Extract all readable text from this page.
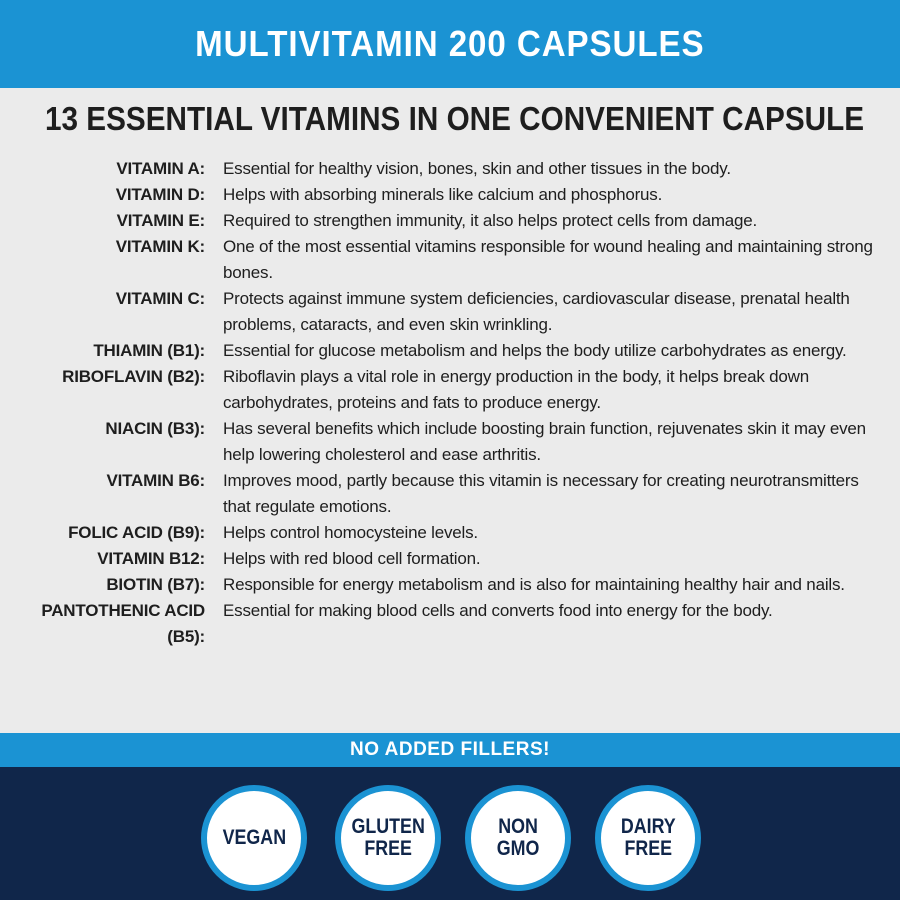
MULTIVITAMIN 200 CAPSULES
13 ESSENTIAL VITAMINS IN ONE CONVENIENT CAPSULE
VITAMIN A: Essential for healthy vision, bones, skin and other tissues in the body.
VITAMIN D: Helps with absorbing minerals like calcium and phosphorus.
VITAMIN E: Required to strengthen immunity, it also helps protect cells from damage.
VITAMIN K: One of the most essential vitamins responsible for wound healing and maintaining strong bones.
VITAMIN C: Protects against immune system deficiencies, cardiovascular disease, prenatal health problems, cataracts, and even skin wrinkling.
THIAMIN (B1): Essential for glucose metabolism and helps the body utilize carbohydrates as energy.
RIBOFLAVIN (B2): Riboflavin plays a vital role in energy production in the body, it helps break down carbohydrates, proteins and fats to produce energy.
NIACIN (B3): Has several benefits which include boosting brain function, rejuvenates skin it may even help lowering cholesterol and ease arthritis.
VITAMIN B6: Improves mood, partly because this vitamin is necessary for creating neurotransmitters that regulate emotions.
FOLIC ACID (B9): Helps control homocysteine levels.
VITAMIN B12: Helps with red blood cell formation.
BIOTIN (B7): Responsible for energy metabolism and is also for maintaining healthy hair and nails.
PANTOTHENIC ACID (B5):
Essential for making blood cells and converts food into energy for the body.
NO ADDED FILLERS!
VEGAN	GLUTEN
FREE
NON
GMO
DAIRY
FREE
